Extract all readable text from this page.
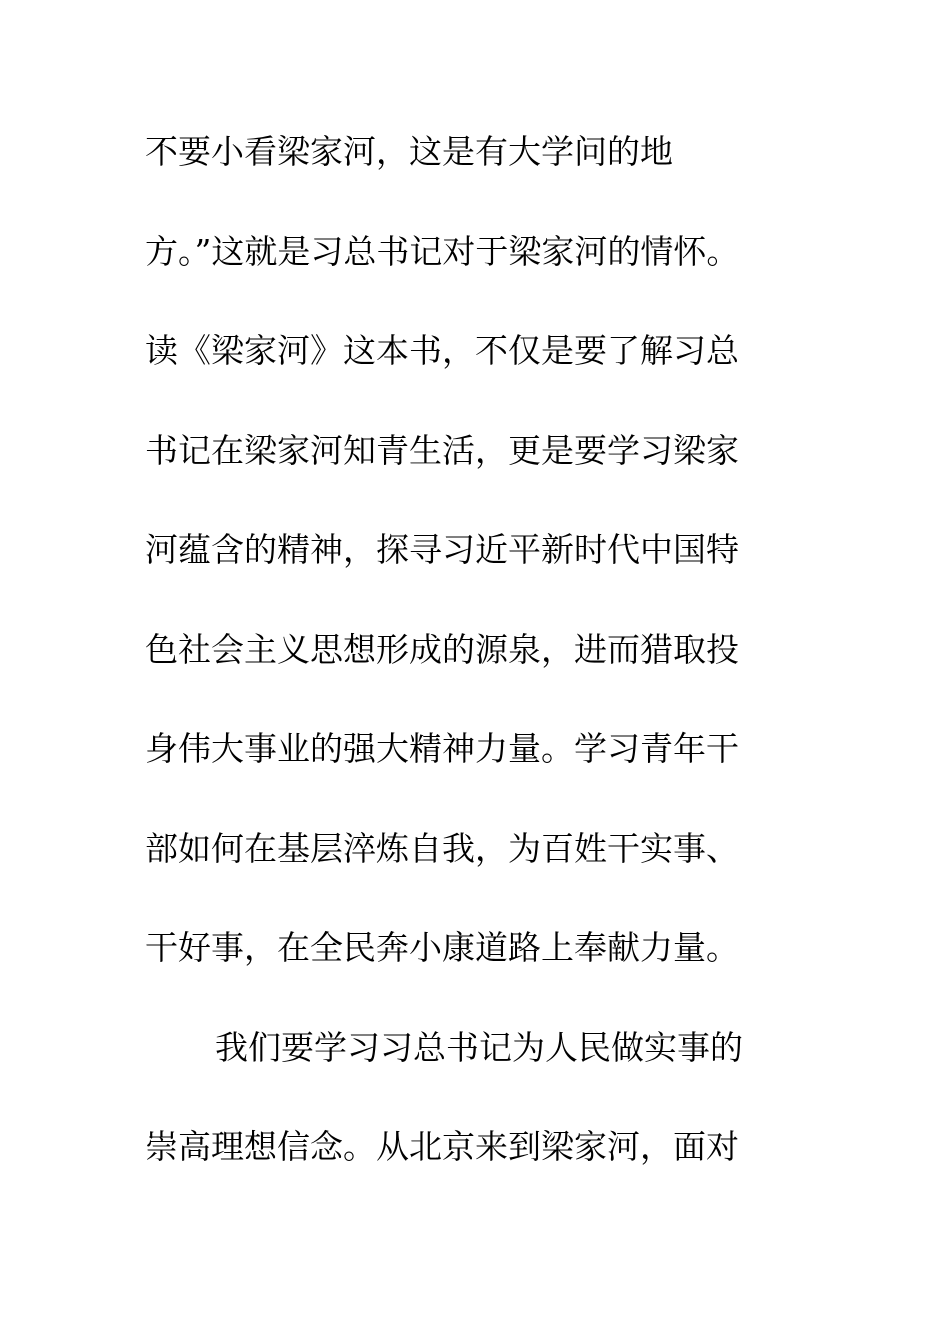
不要小看梁家河，这是有大学问的地
方。”这就是习总书记对于梁家河的情怀。
读《梁家河》这本书，不仅是要了解习总
书记在梁家河知青生活，更是要学习梁家
河蕴含的精神，探寻习近平新时代中国特
色社会主义思想形成的源泉，进而猎取投
身伟大事业的强大精神力量。学习青年干
部如何在基层淬炼自我，为百姓干实事、
干好事，在全民奔小康道路上奉献力量。
我们要学习习总书记为人民做实事的
崇高理想信念。从北京来到梁家河，面对
